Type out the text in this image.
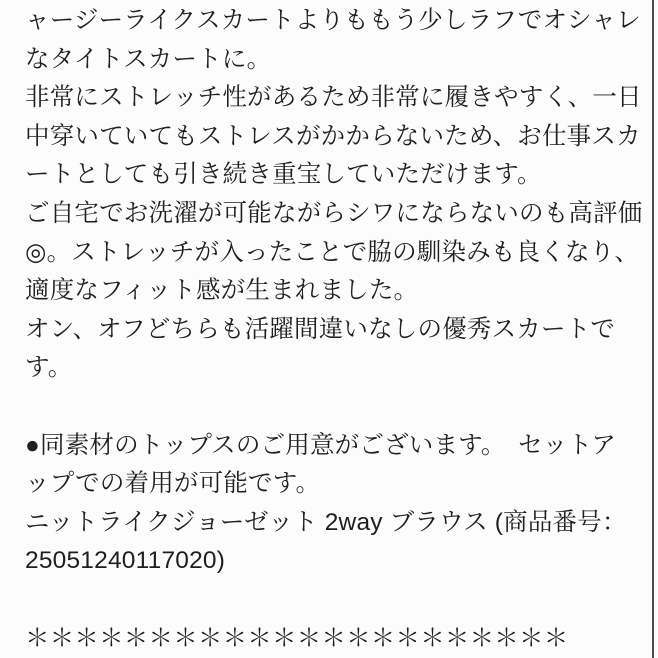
ャージーライクスカートよりももう少しラフでオシャレ
なタイトスカートに。
非常にストレッチ性があるため非常に履きやすく、一日
中穿いていてもストレスがかからないため、お仕事スカ
ートとしても引き続き重宝していただけます。
ご自宅でお洗濯が可能ながらシワにならないのも高評価
◎。ストレッチが入ったことで脇の馴染みも良くなり、
適度なフィット感が生まれました。
オン、オフどちらも活躍間違いなしの優秀スカートで
す。
●同素材のトップスのご用意がございます。　セットア
ップでの着用が可能です。
ニットライクジョーゼット 2way ブラウス (商品番号：
25051240117020)
＊＊＊＊＊＊＊＊＊＊＊＊＊＊＊＊＊＊＊＊＊＊
